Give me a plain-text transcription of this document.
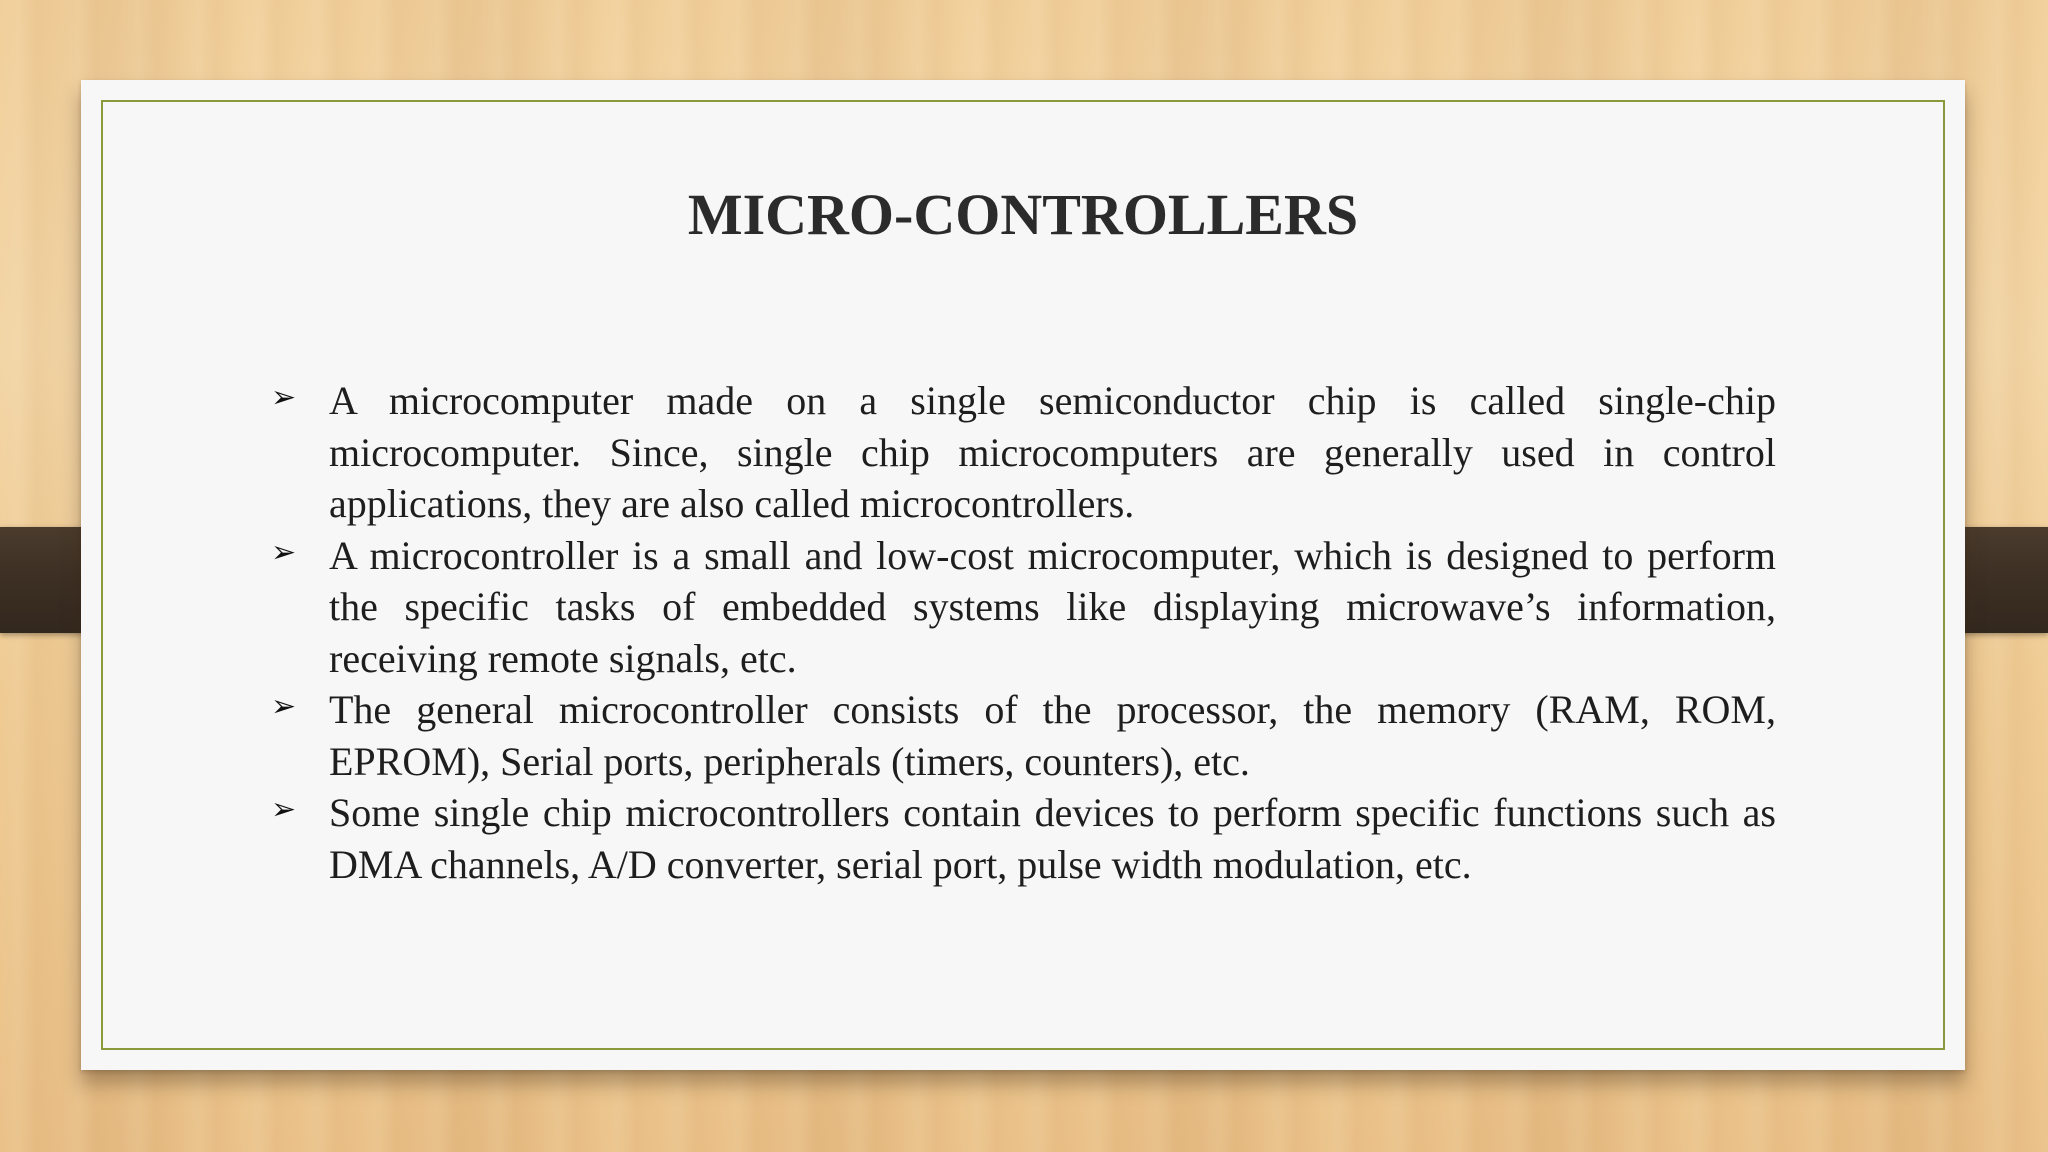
MICRO-CONTROLLERS
➢ A microcomputer made on a single semiconductor chip is called single-chip microcomputer. Since, single chip microcomputers are generally used in control applications, they are also called microcontrollers.
➢ A microcontroller is a small and low-cost microcomputer, which is designed to perform the specific tasks of embedded systems like displaying microwave’s information, receiving remote signals, etc.
➢ The general microcontroller consists of the processor, the memory (RAM, ROM, EPROM), Serial ports, peripherals (timers, counters), etc.
➢ Some single chip microcontrollers contain devices to perform specific functions such as DMA channels, A/D converter, serial port, pulse width modulation, etc.
